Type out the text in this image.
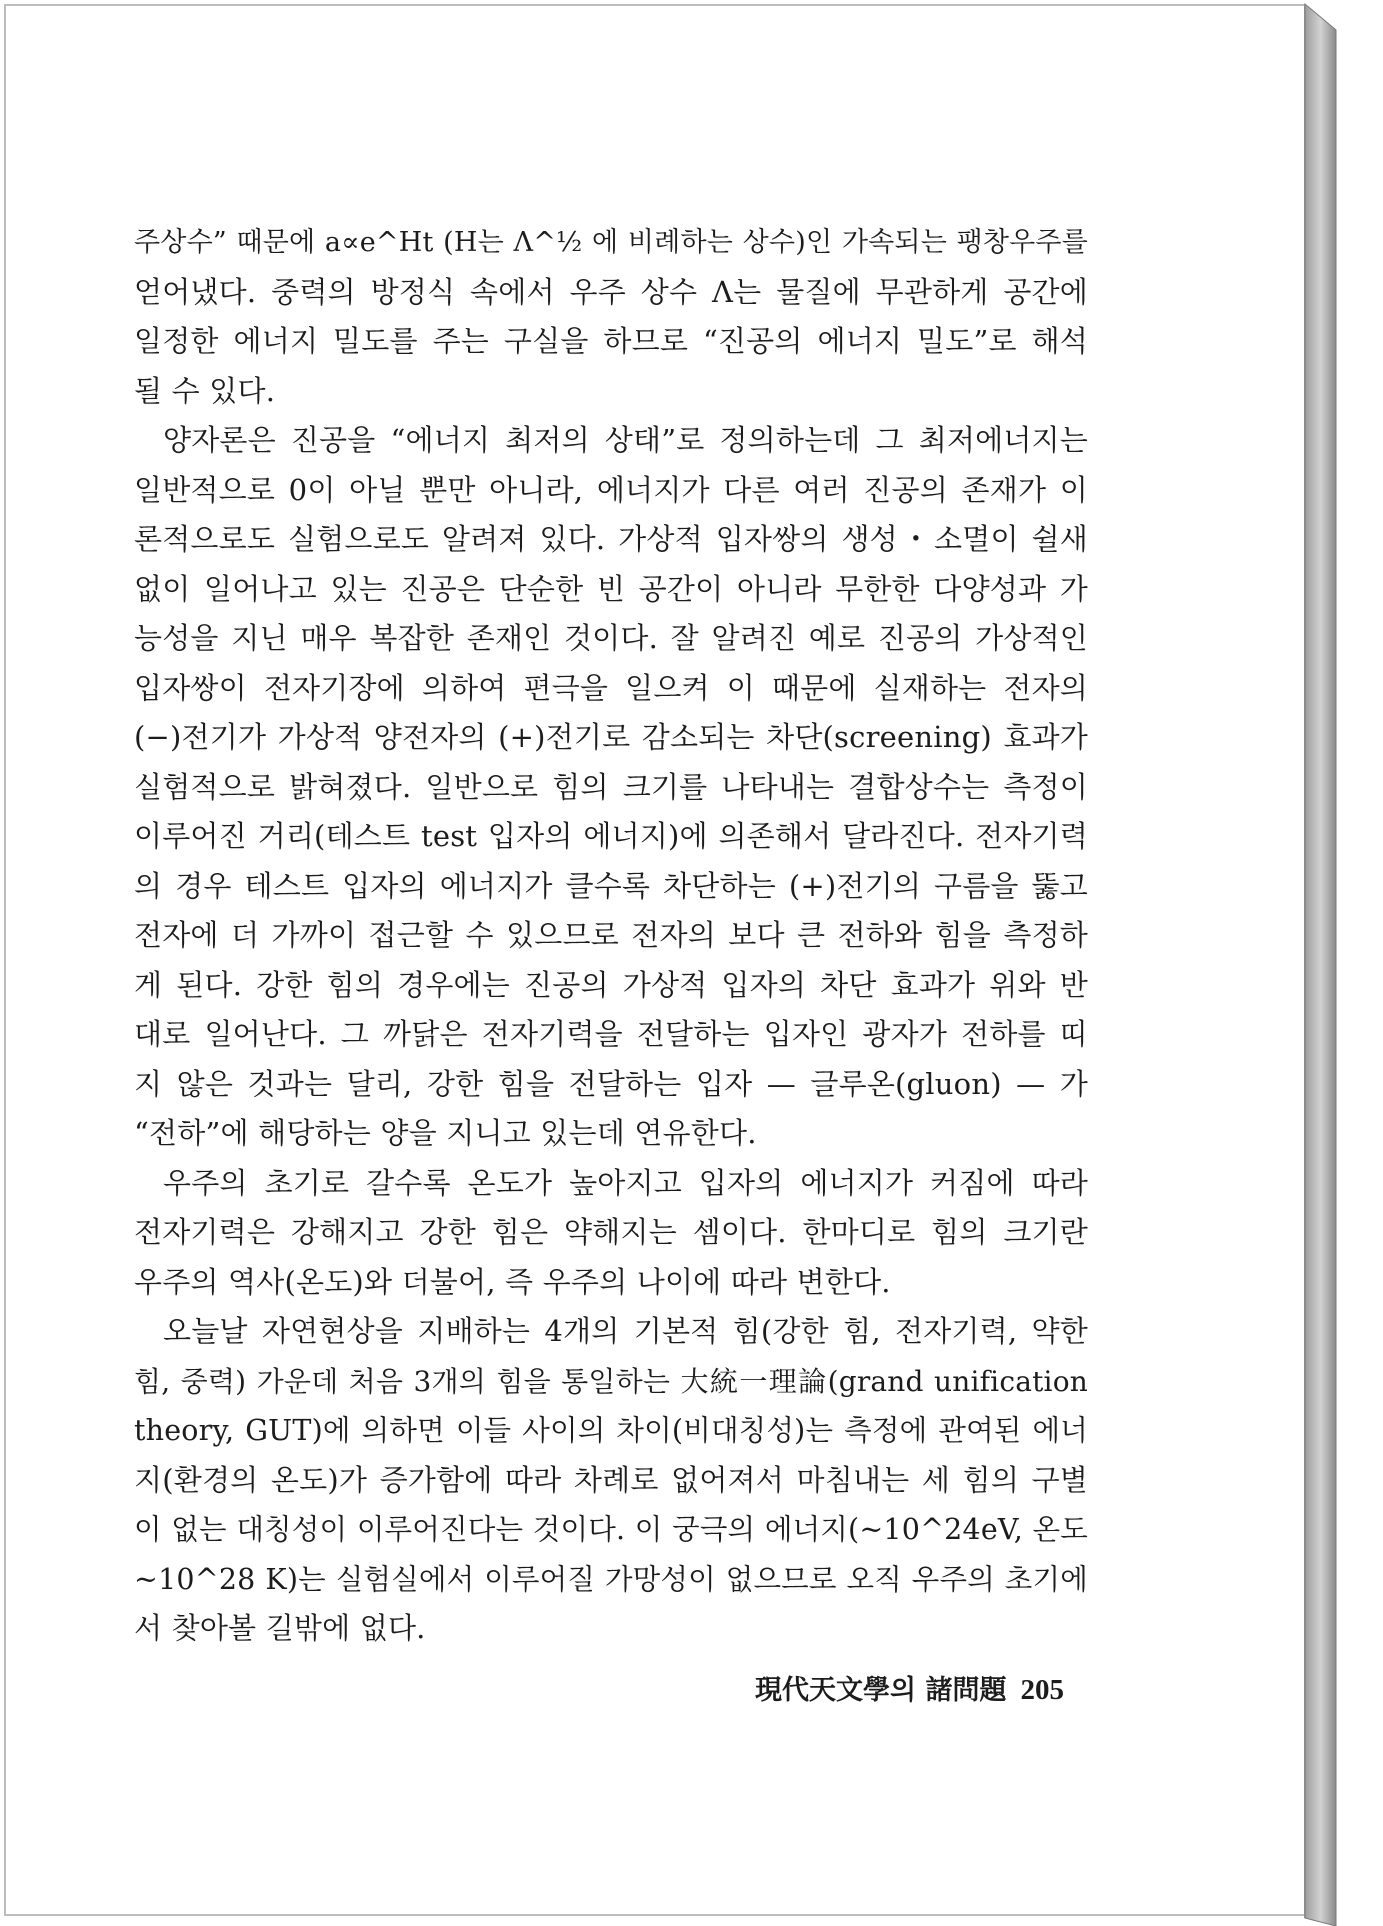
주상수” 때문에 a∝e^Ht (H는 Λ^½ 에 비례하는 상수)인 가속되는 팽창우주를
얻어냈다. 중력의 방정식 속에서 우주 상수 Λ는 물질에 무관하게 공간에
일정한 에너지 밀도를 주는 구실을 하므로 “진공의 에너지 밀도”로 해석
될 수 있다.

양자론은 진공을 “에너지 최저의 상태”로 정의하는데 그 최저에너지는
일반적으로 0이 아닐 뿐만 아니라, 에너지가 다른 여러 진공의 존재가 이
론적으로도 실험으로도 알려져 있다. 가상적 입자쌍의 생성・소멸이 쉴새
없이 일어나고 있는 진공은 단순한 빈 공간이 아니라 무한한 다양성과 가
능성을 지닌 매우 복잡한 존재인 것이다. 잘 알려진 예로 진공의 가상적인
입자쌍이 전자기장에 의하여 편극을 일으켜 이 때문에 실재하는 전자의
(−)전기가 가상적 양전자의 (+)전기로 감소되는 차단(screening) 효과가
실험적으로 밝혀졌다. 일반으로 힘의 크기를 나타내는 결합상수는 측정이
이루어진 거리(테스트 test 입자의 에너지)에 의존해서 달라진다. 전자기력
의 경우 테스트 입자의 에너지가 클수록 차단하는 (+)전기의 구름을 뚫고
전자에 더 가까이 접근할 수 있으므로 전자의 보다 큰 전하와 힘을 측정하
게 된다. 강한 힘의 경우에는 진공의 가상적 입자의 차단 효과가 위와 반
대로 일어난다. 그 까닭은 전자기력을 전달하는 입자인 광자가 전하를 띠
지 않은 것과는 달리, 강한 힘을 전달하는 입자 — 글루온(gluon) — 가
“전하”에 해당하는 양을 지니고 있는데 연유한다.

우주의 초기로 갈수록 온도가 높아지고 입자의 에너지가 커짐에 따라
전자기력은 강해지고 강한 힘은 약해지는 셈이다. 한마디로 힘의 크기란
우주의 역사(온도)와 더불어, 즉 우주의 나이에 따라 변한다.

오늘날 자연현상을 지배하는 4개의 기본적 힘(강한 힘, 전자기력, 약한
힘, 중력) 가운데 처음 3개의 힘을 통일하는 大統一理論(grand unification
theory, GUT)에 의하면 이들 사이의 차이(비대칭성)는 측정에 관여된 에너
지(환경의 온도)가 증가함에 따라 차례로 없어져서 마침내는 세 힘의 구별
이 없는 대칭성이 이루어진다는 것이다. 이 궁극의 에너지(~10^24eV, 온도
~10^28 K)는 실험실에서 이루어질 가망성이 없으므로 오직 우주의 초기에
서 찾아볼 길밖에 없다.

現代天文學의 諸問題 205
